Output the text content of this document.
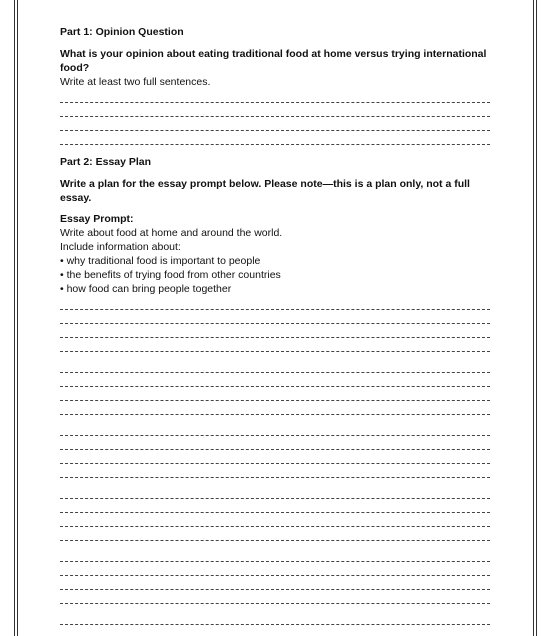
Part 1: Opinion Question

What is your opinion about eating traditional food at home versus trying international food?

Write at least two full sentences.

Part 2: Essay Plan

Write a plan for the essay prompt below. Please note—this is a plan only, not a full essay.

Essay Prompt:

Write about food at home and around the world.

Include information about:

• why traditional food is important to people

• the benefits of trying food from other countries

• how food can bring people together
